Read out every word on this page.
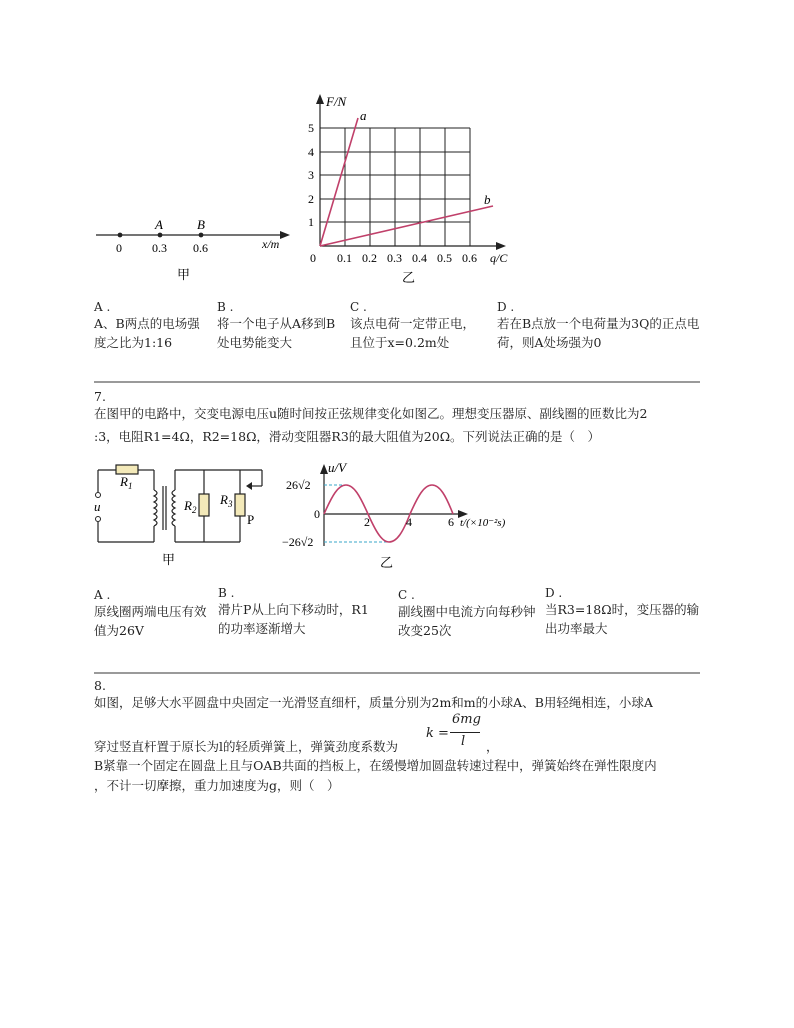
A	B
0	0.3 0.6	x/m
甲
a
b
F/N
1
2
3
4
5
0 0.1 0.2 0.3 0.4 0.5 0.6 q/C
乙
A .
A、B两点的电场强度之比为1:16
B .
将一个电子从A移到B处电势能变大
C .
该点电荷一定带正电，且位于x=0.2m处
D .
若在B点放一个电荷量为3Q的正点电荷，则A处场强为0
7.
在图甲的电路中，交变电源电压u随时间按正弦规律变化如图乙。理想变压器原、副线圈的匝数比为2
:3，电阻R1=4Ω，R2=18Ω，滑动变阻器R3的最大阻值为20Ω。下列说法正确的是（　）
$R_1$
$R_2$
$R_3$
u
P
甲
u/V
26√2
−26√2
0
2	4	6 t/(×10⁻²s)
乙
A .
原线圈两端电压有效值为26V
B .
滑片P从上向下移动时，R1的功率逐渐增大
C .
副线圈中电流方向每秒钟改变25次
D .
当R3=18Ω时，变压器的输出功率最大
8.
如图，足够大水平圆盘中央固定一光滑竖直细杆，质量分别为2m和m的小球A、B用轻绳相连，小球A
k =
6mg
l
穿过竖直杆置于原长为l的轻质弹簧上，弹簧劲度系数为	，
B紧靠一个固定在圆盘上且与OAB共面的挡板上，在缓慢增加圆盘转速过程中，弹簧始终在弹性限度内
，不计一切摩擦，重力加速度为g，则（　）
